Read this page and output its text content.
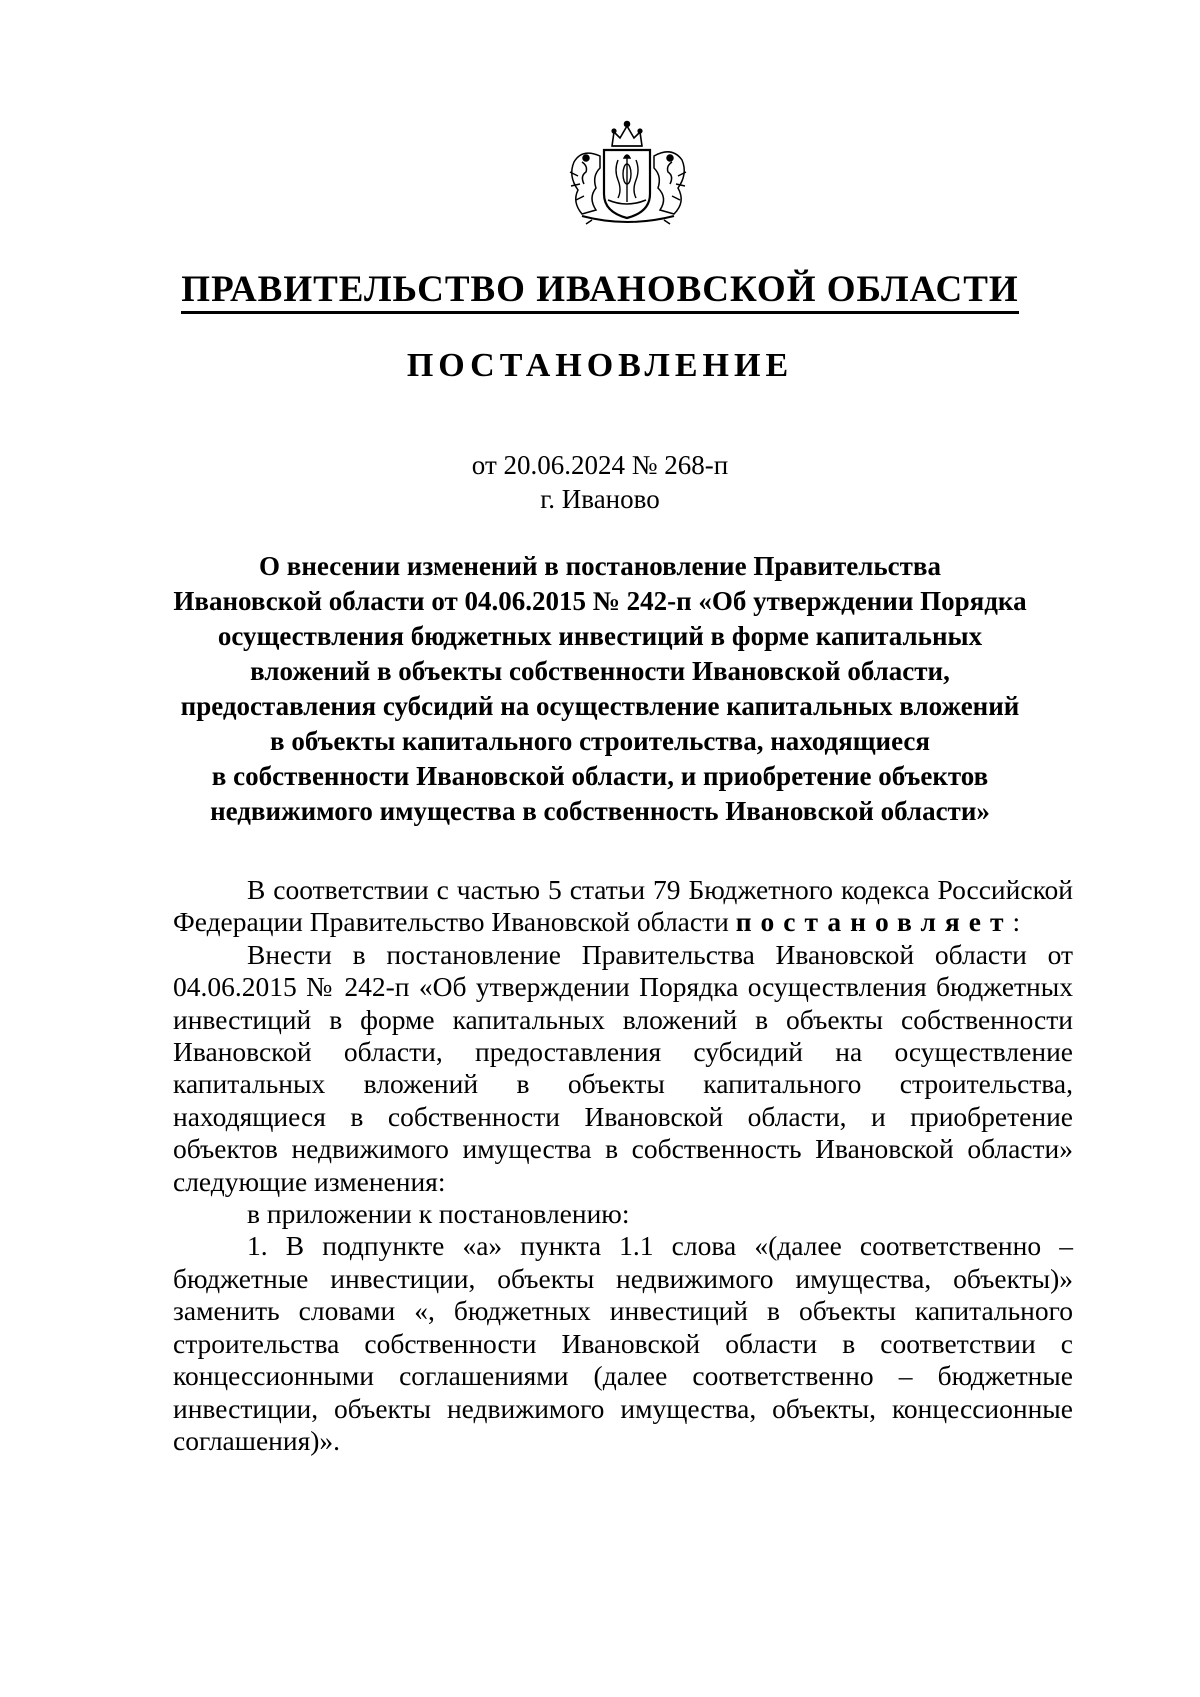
ПРАВИТЕЛЬСТВО ИВАНОВСКОЙ ОБЛАСТИ
ПОСТАНОВЛЕНИЕ
от 20.06.2024 № 268-п
г. Иваново
О внесении изменений в постановление Правительства
Ивановской области от 04.06.2015 № 242-п «Об утверждении Порядка
осуществления бюджетных инвестиций в форме капитальных
вложений в объекты собственности Ивановской области,
предоставления субсидий на осуществление капитальных вложений
в объекты капитального строительства, находящиеся
в собственности Ивановской области, и приобретение объектов
недвижимого имущества в собственность Ивановской области»

В соответствии с частью 5 статьи 79 Бюджетного кодекса Российской Федерации Правительство Ивановской области постановляет:

Внести в постановление Правительства Ивановской области от 04.06.2015 № 242-п «Об утверждении Порядка осуществления бюджетных инвестиций в форме капитальных вложений в объекты собственности Ивановской области, предоставления субсидий на осуществление капитальных вложений в объекты капитального строительства, находящиеся в собственности Ивановской области, и приобретение объектов недвижимого имущества в собственность Ивановской области» следующие изменения:

в приложении к постановлению:

1. В подпункте «а» пункта 1.1 слова «(далее соответственно – бюджетные инвестиции, объекты недвижимого имущества, объекты)» заменить словами «, бюджетных инвестиций в объекты капитального строительства собственности Ивановской области в соответствии с концессионными соглашениями (далее соответственно – бюджетные инвестиции, объекты недвижимого имущества, объекты, концессионные соглашения)».
